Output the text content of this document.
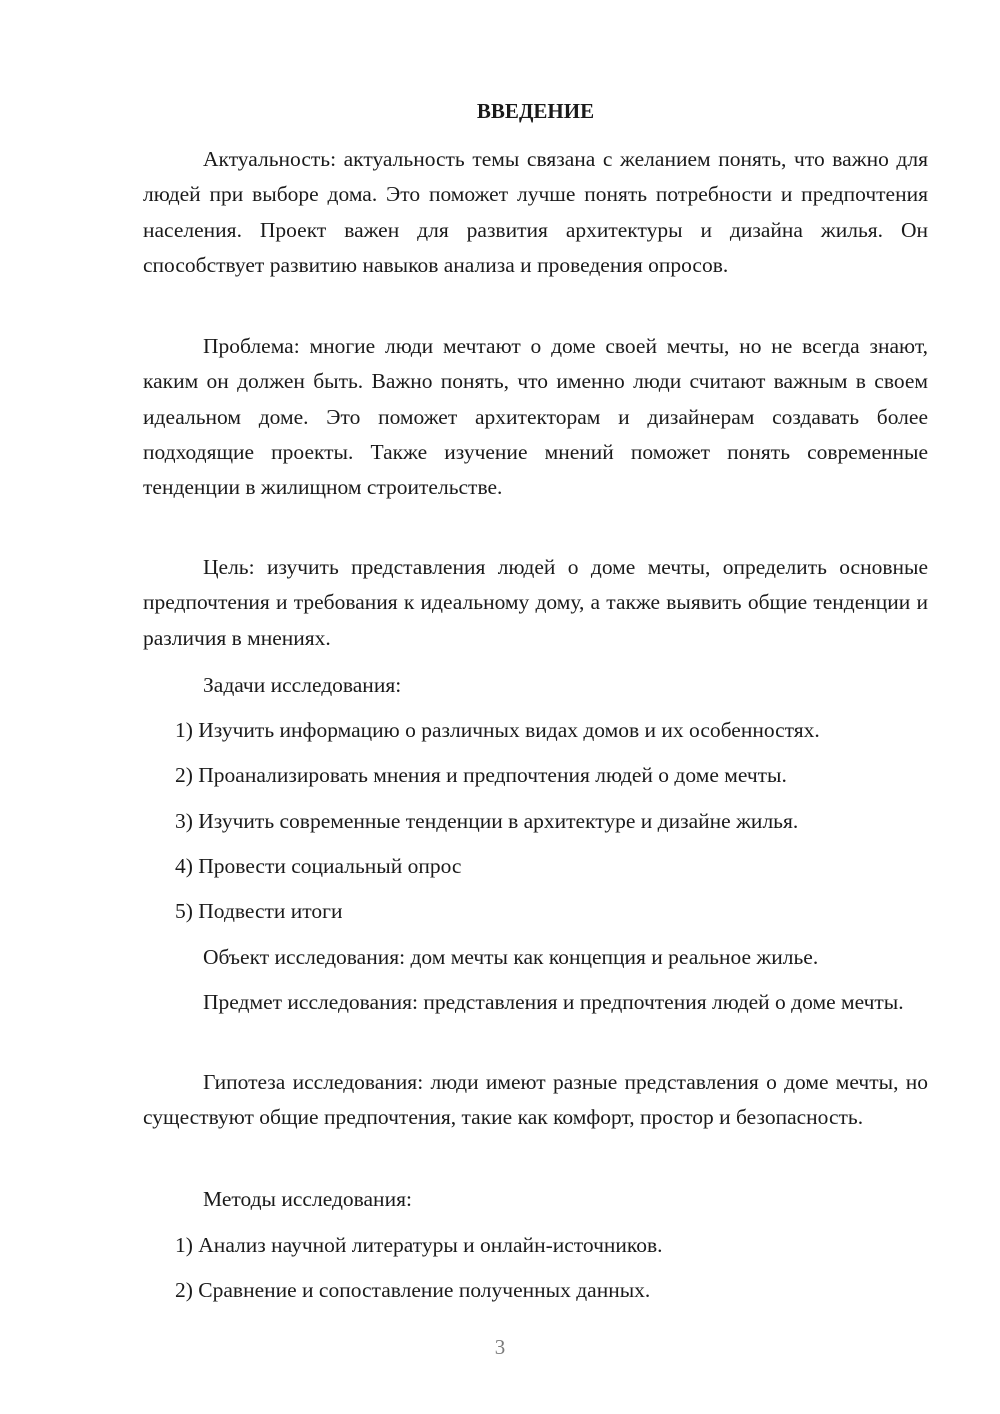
ВВЕДЕНИЕ

Актуальность: актуальность темы связана с желанием понять, что важно для людей при выборе дома. Это поможет лучше понять потребности и предпочтения населения. Проект важен для развития архитектуры и дизайна жилья. Он способствует развитию навыков анализа и проведения опросов.

Проблема: многие люди мечтают о доме своей мечты, но не всегда знают, каким он должен быть. Важно понять, что именно люди считают важным в своем идеальном доме. Это поможет архитекторам и дизайнерам создавать более подходящие проекты. Также изучение мнений поможет понять современные тенденции в жилищном строительстве.

Цель: изучить представления людей о доме мечты, определить основные предпочтения и требования к идеальному дому, а также выявить общие тенденции и различия в мнениях.

Задачи исследования:

1) Изучить информацию о различных видах домов и их особенностях.

2) Проанализировать мнения и предпочтения людей о доме мечты.

3) Изучить современные тенденции в архитектуре и дизайне жилья.

4) Провести социальный опрос

5) Подвести итоги

Объект исследования: дом мечты как концепция и реальное жилье.

Предмет исследования: представления и предпочтения людей о доме мечты.

Гипотеза исследования: люди имеют разные представления о доме мечты, но существуют общие предпочтения, такие как комфорт, простор и безопасность.

Методы исследования:

1) Анализ научной литературы и онлайн-источников.

2) Сравнение и сопоставление полученных данных.

3
